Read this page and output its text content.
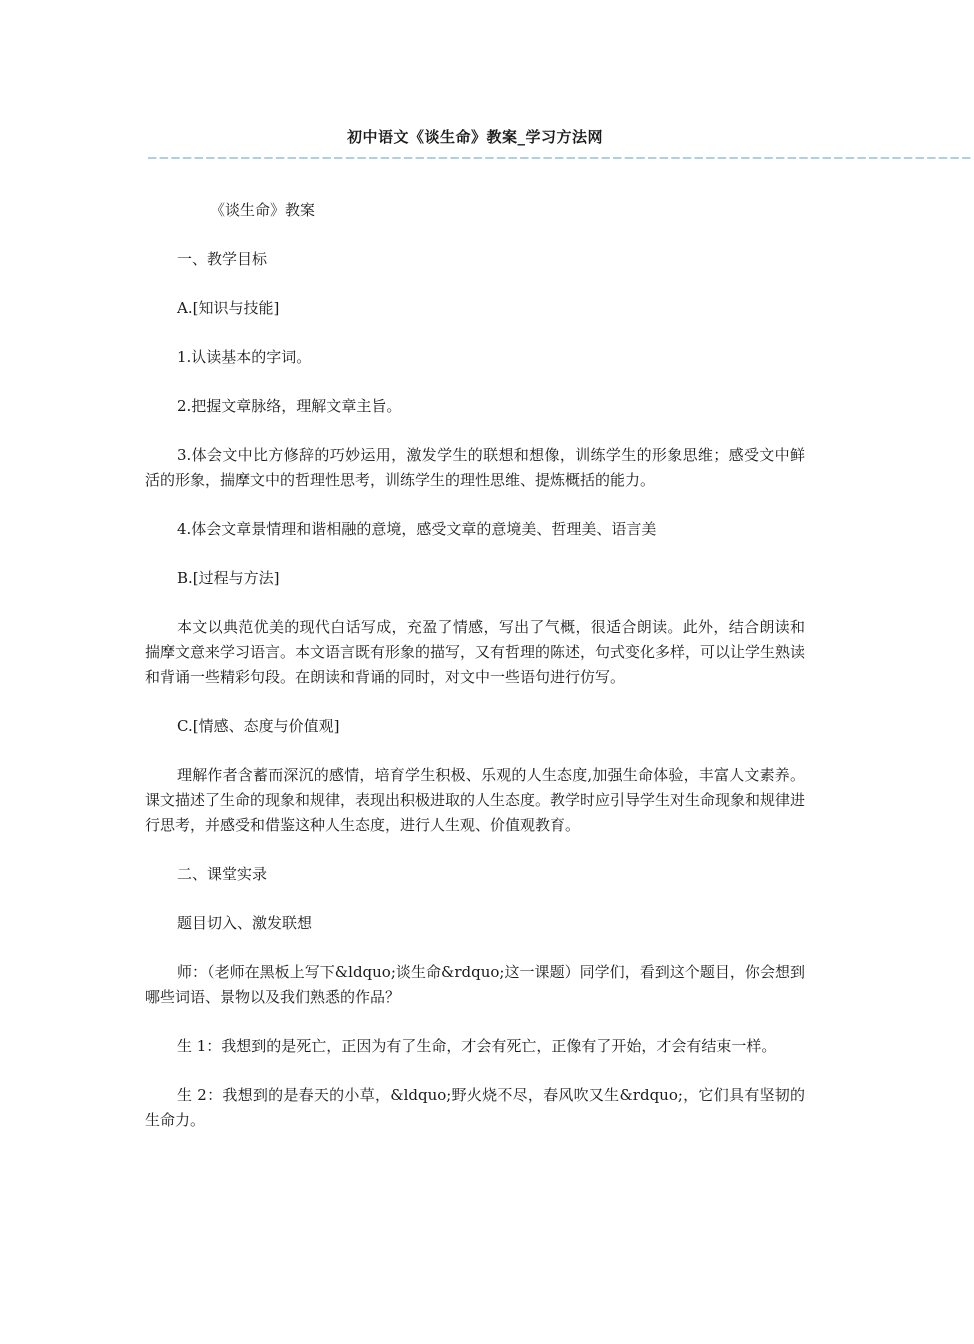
初中语文《谈生命》教案_学习方法网
———————————————————————————————————————————————————————————————————————

《谈生命》教案

一、教学目标

A.[知识与技能]

1.认读基本的字词。

2.把握文章脉络，理解文章主旨。

3.体会文中比方修辞的巧妙运用，激发学生的联想和想像，训练学生的形象思维；感受文中鲜活的形象，揣摩文中的哲理性思考，训练学生的理性思维、提炼概括的能力。

4.体会文章景情理和谐相融的意境，感受文章的意境美、哲理美、语言美

B.[过程与方法]

本文以典范优美的现代白话写成，充盈了情感，写出了气概，很适合朗读。此外，结合朗读和揣摩文意来学习语言。本文语言既有形象的描写，又有哲理的陈述，句式变化多样，可以让学生熟读和背诵一些精彩句段。在朗读和背诵的同时，对文中一些语句进行仿写。

C.[情感、态度与价值观]

理解作者含蓄而深沉的感情，培育学生积极、乐观的人生态度,加强生命体验，丰富人文素养。课文描述了生命的现象和规律，表现出积极进取的人生态度。教学时应引导学生对生命现象和规律进行思考，并感受和借鉴这种人生态度，进行人生观、价值观教育。

二、课堂实录

题目切入、激发联想

师：（老师在黑板上写下&ldquo;谈生命&rdquo;这一课题）同学们，看到这个题目，你会想到哪些词语、景物以及我们熟悉的作品？

生 1：我想到的是死亡，正因为有了生命，才会有死亡，正像有了开始，才会有结束一样。

生 2：我想到的是春天的小草，&ldquo;野火烧不尽，春风吹又生&rdquo;，它们具有坚韧的生命力。
